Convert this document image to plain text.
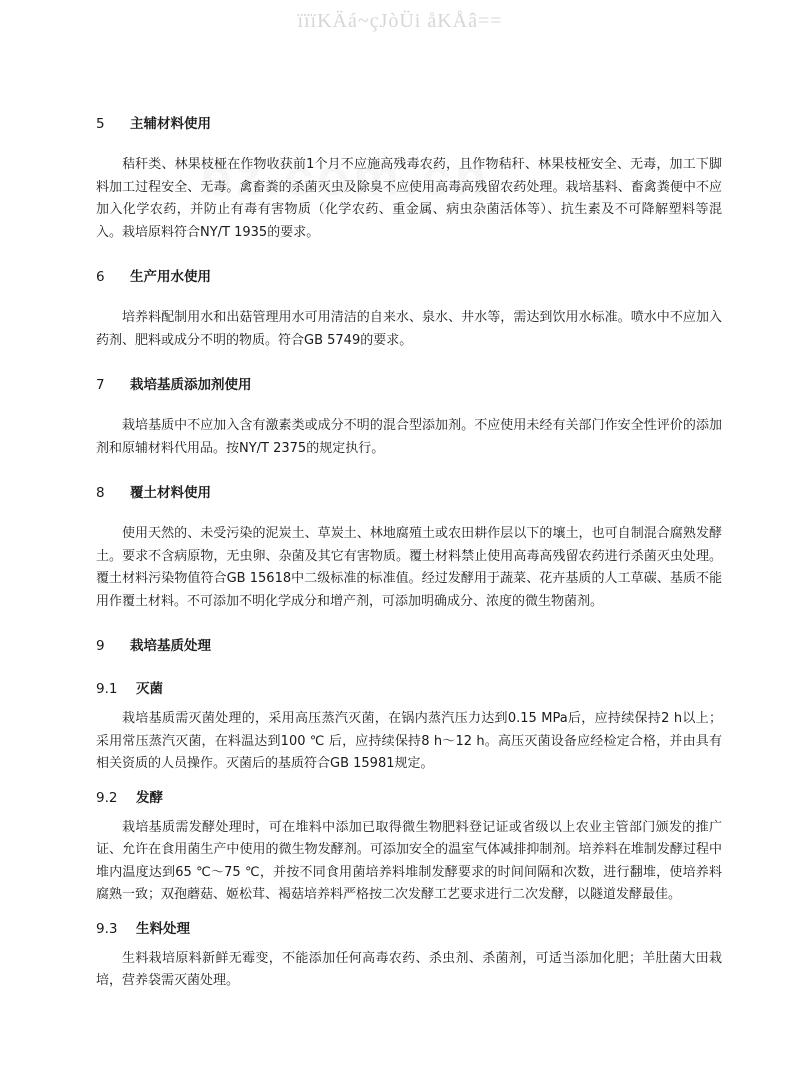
ïïïKÄá~çJòÜi åKÅâ==
5	主辅材料使用

秸秆类、林果枝桠在作物收获前1个月不应施高残毒农药，且作物秸秆、林果枝桠安全、无毒，加工下脚料加工过程安全、无毒。禽畜粪的杀菌灭虫及除臭不应使用高毒高残留农药处理。栽培基料、畜禽粪便中不应加入化学农药，并防止有毒有害物质（化学农药、重金属、病虫杂菌活体等）、抗生素及不可降解塑料等混入。栽培原料符合NY/T 1935的要求。

6	生产用水使用

培养料配制用水和出菇管理用水可用清洁的自来水、泉水、井水等，需达到饮用水标准。喷水中不应加入药剂、肥料或成分不明的物质。符合GB 5749的要求。

7	栽培基质添加剂使用

栽培基质中不应加入含有激素类或成分不明的混合型添加剂。不应使用未经有关部门作安全性评价的添加剂和原辅材料代用品。按NY/T 2375的规定执行。

8	覆土材料使用

使用天然的、未受污染的泥炭土、草炭土、林地腐殖土或农田耕作层以下的壤土，也可自制混合腐熟发酵土。要求不含病原物，无虫卵、杂菌及其它有害物质。覆土材料禁止使用高毒高残留农药进行杀菌灭虫处理。覆土材料污染物值符合GB 15618中二级标准的标准值。经过发酵用于蔬菜、花卉基质的人工草碳、基质不能用作覆土材料。不可添加不明化学成分和增产剂，可添加明确成分、浓度的微生物菌剂。

9	栽培基质处理
9.1	灭菌

栽培基质需灭菌处理的，采用高压蒸汽灭菌，在锅内蒸汽压力达到0.15 MPa后，应持续保持2 h以上；采用常压蒸汽灭菌，在料温达到100 ℃ 后，应持续保持8 h～12 h。高压灭菌设备应经检定合格，并由具有相关资质的人员操作。灭菌后的基质符合GB 15981规定。

9.2	发酵

栽培基质需发酵处理时，可在堆料中添加已取得微生物肥料登记证或省级以上农业主管部门颁发的推广证、允许在食用菌生产中使用的微生物发酵剂。可添加安全的温室气体减排抑制剂。培养料在堆制发酵过程中堆内温度达到65 ℃～75 ℃，并按不同食用菌培养料堆制发酵要求的时间间隔和次数，进行翻堆，使培养料腐熟一致；双孢蘑菇、姬松茸、褐菇培养料严格按二次发酵工艺要求进行二次发酵，以隧道发酵最佳。

9.3	生料处理

生料栽培原料新鲜无霉变，不能添加任何高毒农药、杀虫剂、杀菌剂，可适当添加化肥；羊肚菌大田栽培，营养袋需灭菌处理。
